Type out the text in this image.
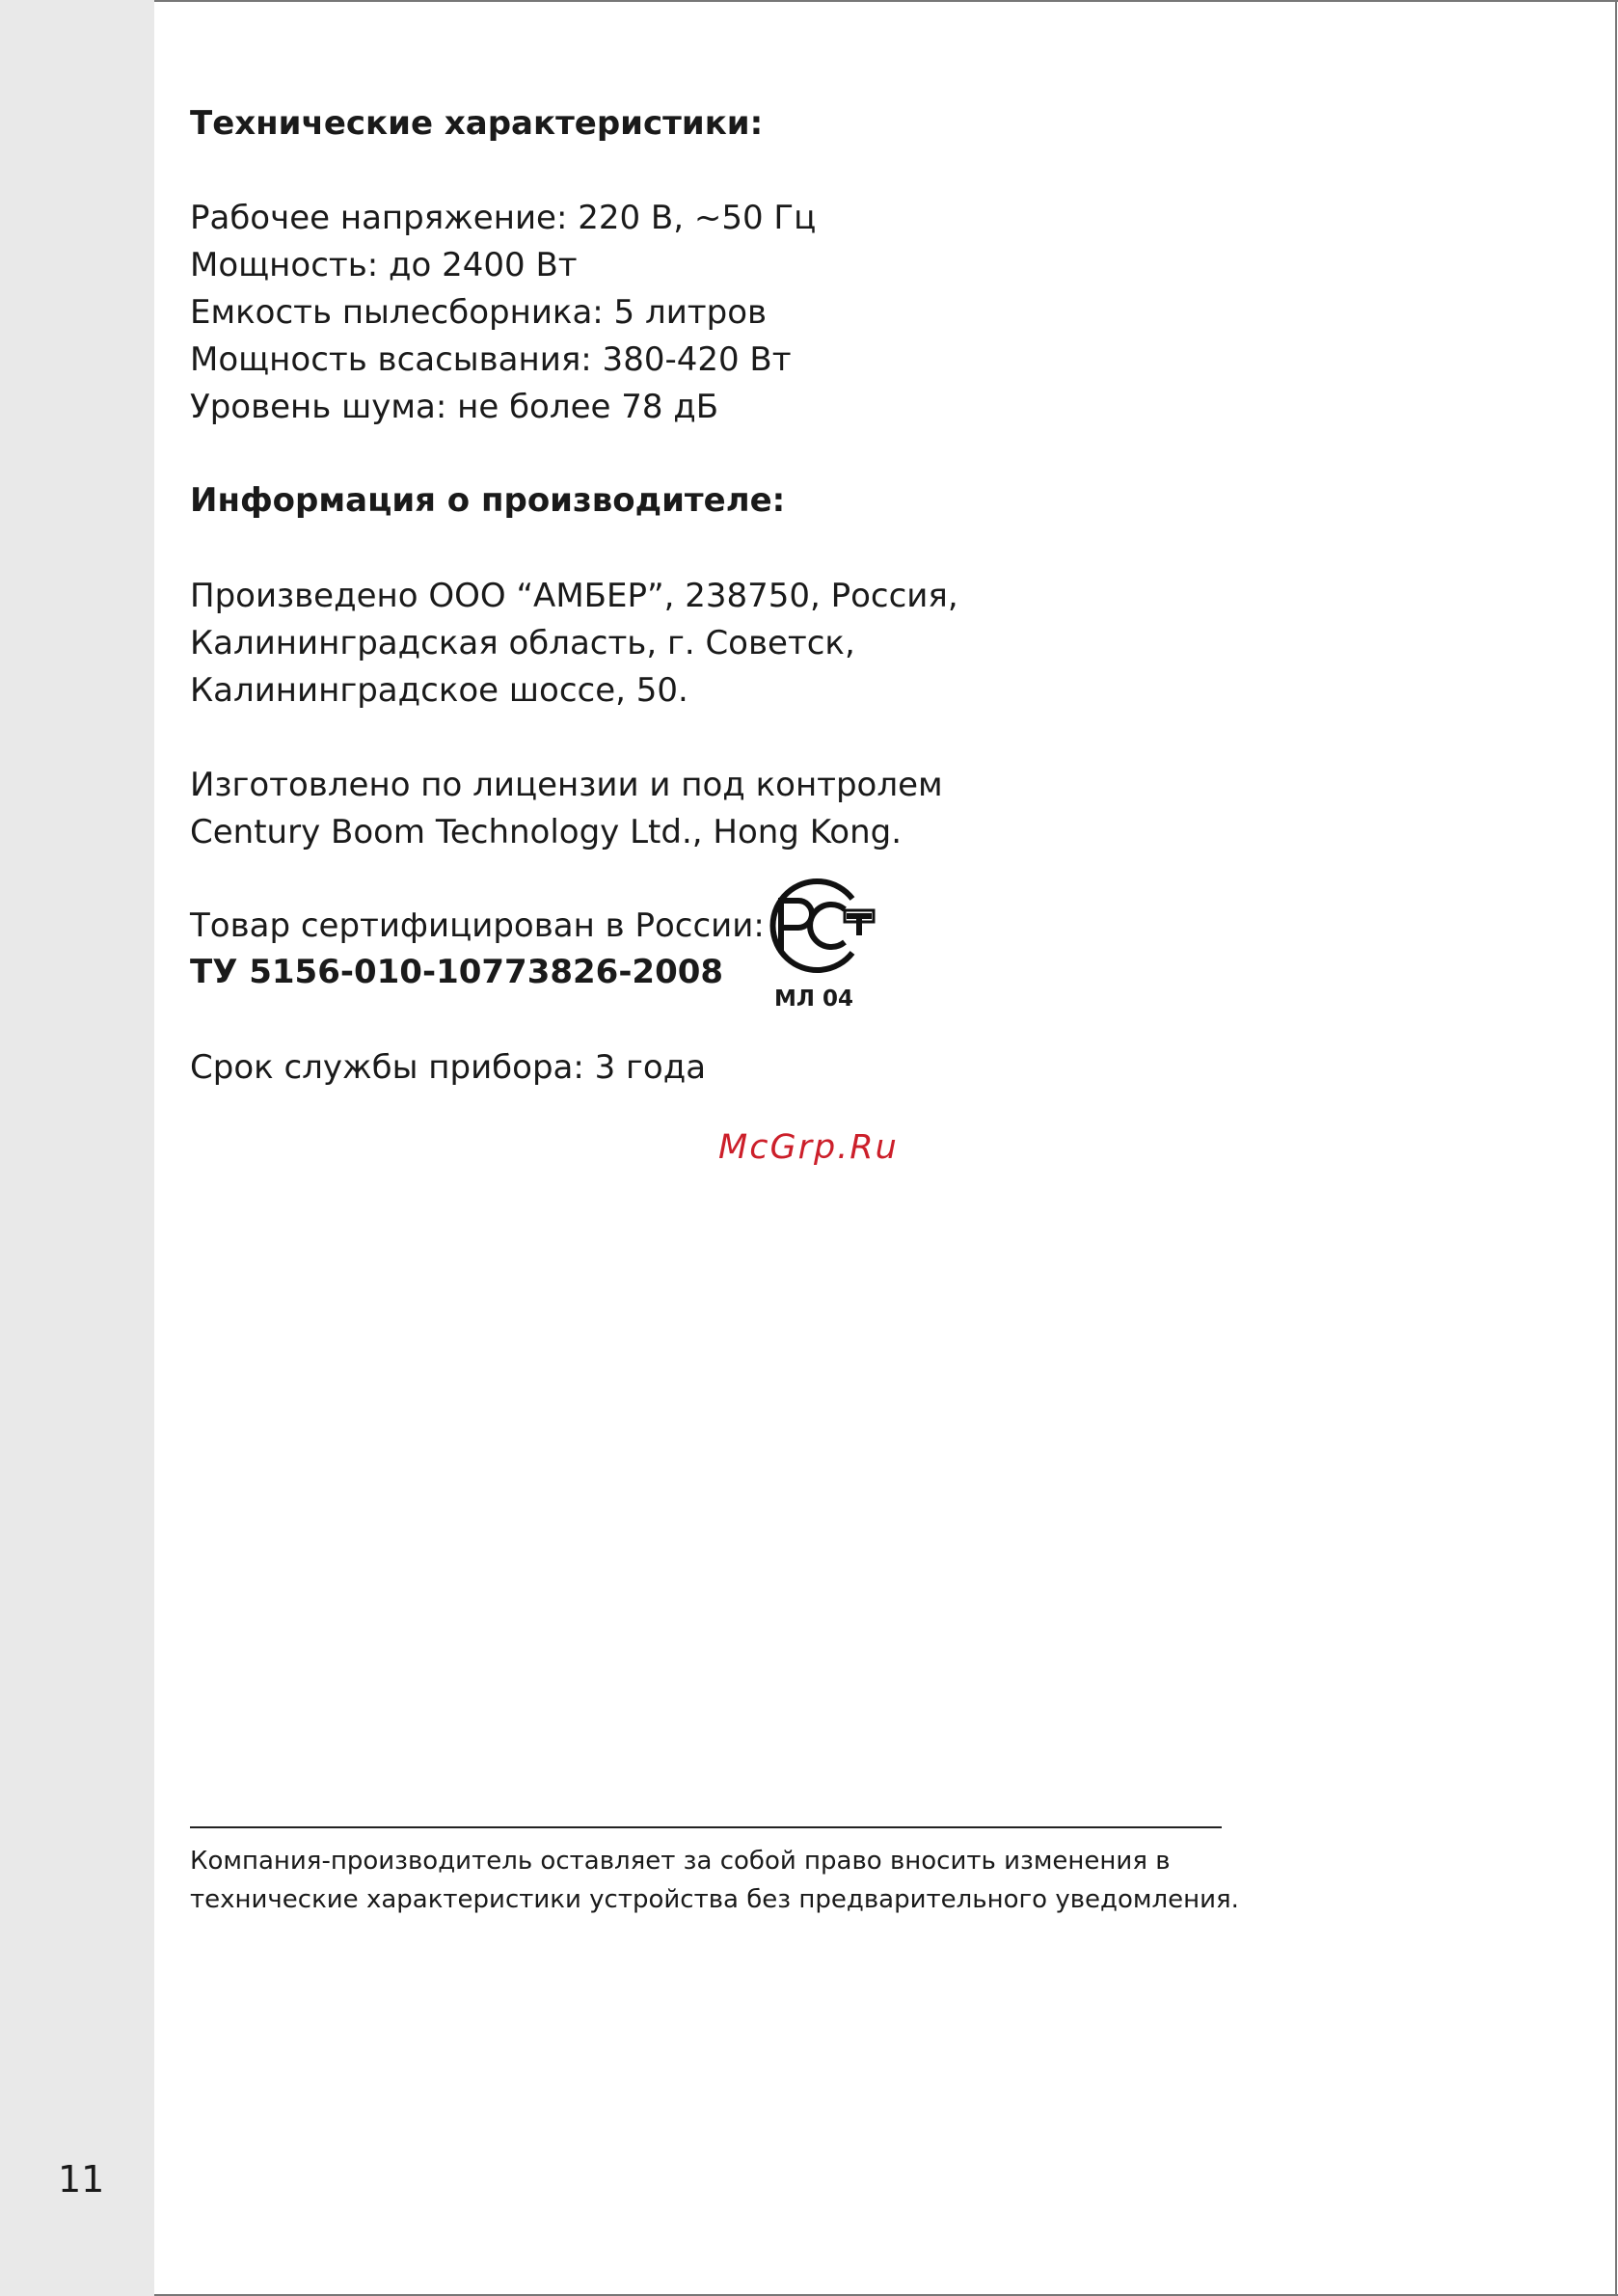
11
Технические характеристики:
Рабочее напряжение: 220 В, ~50 Гц
Мощность: до 2400 Вт
Емкость пылесборника: 5 литров
Мощность всасывания: 380-420 Вт
Уровень шума: не более 78 дБ
Информация о производителе:
Произведено ООО “АМБЕР”, 238750, Россия,
Калининградская область, г. Советск,
Калининградское шоссе, 50.
Изготовлено по лицензии и под контролем
Century Boom Technology Ltd., Hong Kong.
Товар сертифицирован в России:
ТУ 5156-010-10773826-2008
Срок службы прибора: 3 года
МЛ 04
McGrp.Ru
Компания-производитель оставляет за собой право вносить изменения в
технические характеристики устройства без предварительного уведомления.
